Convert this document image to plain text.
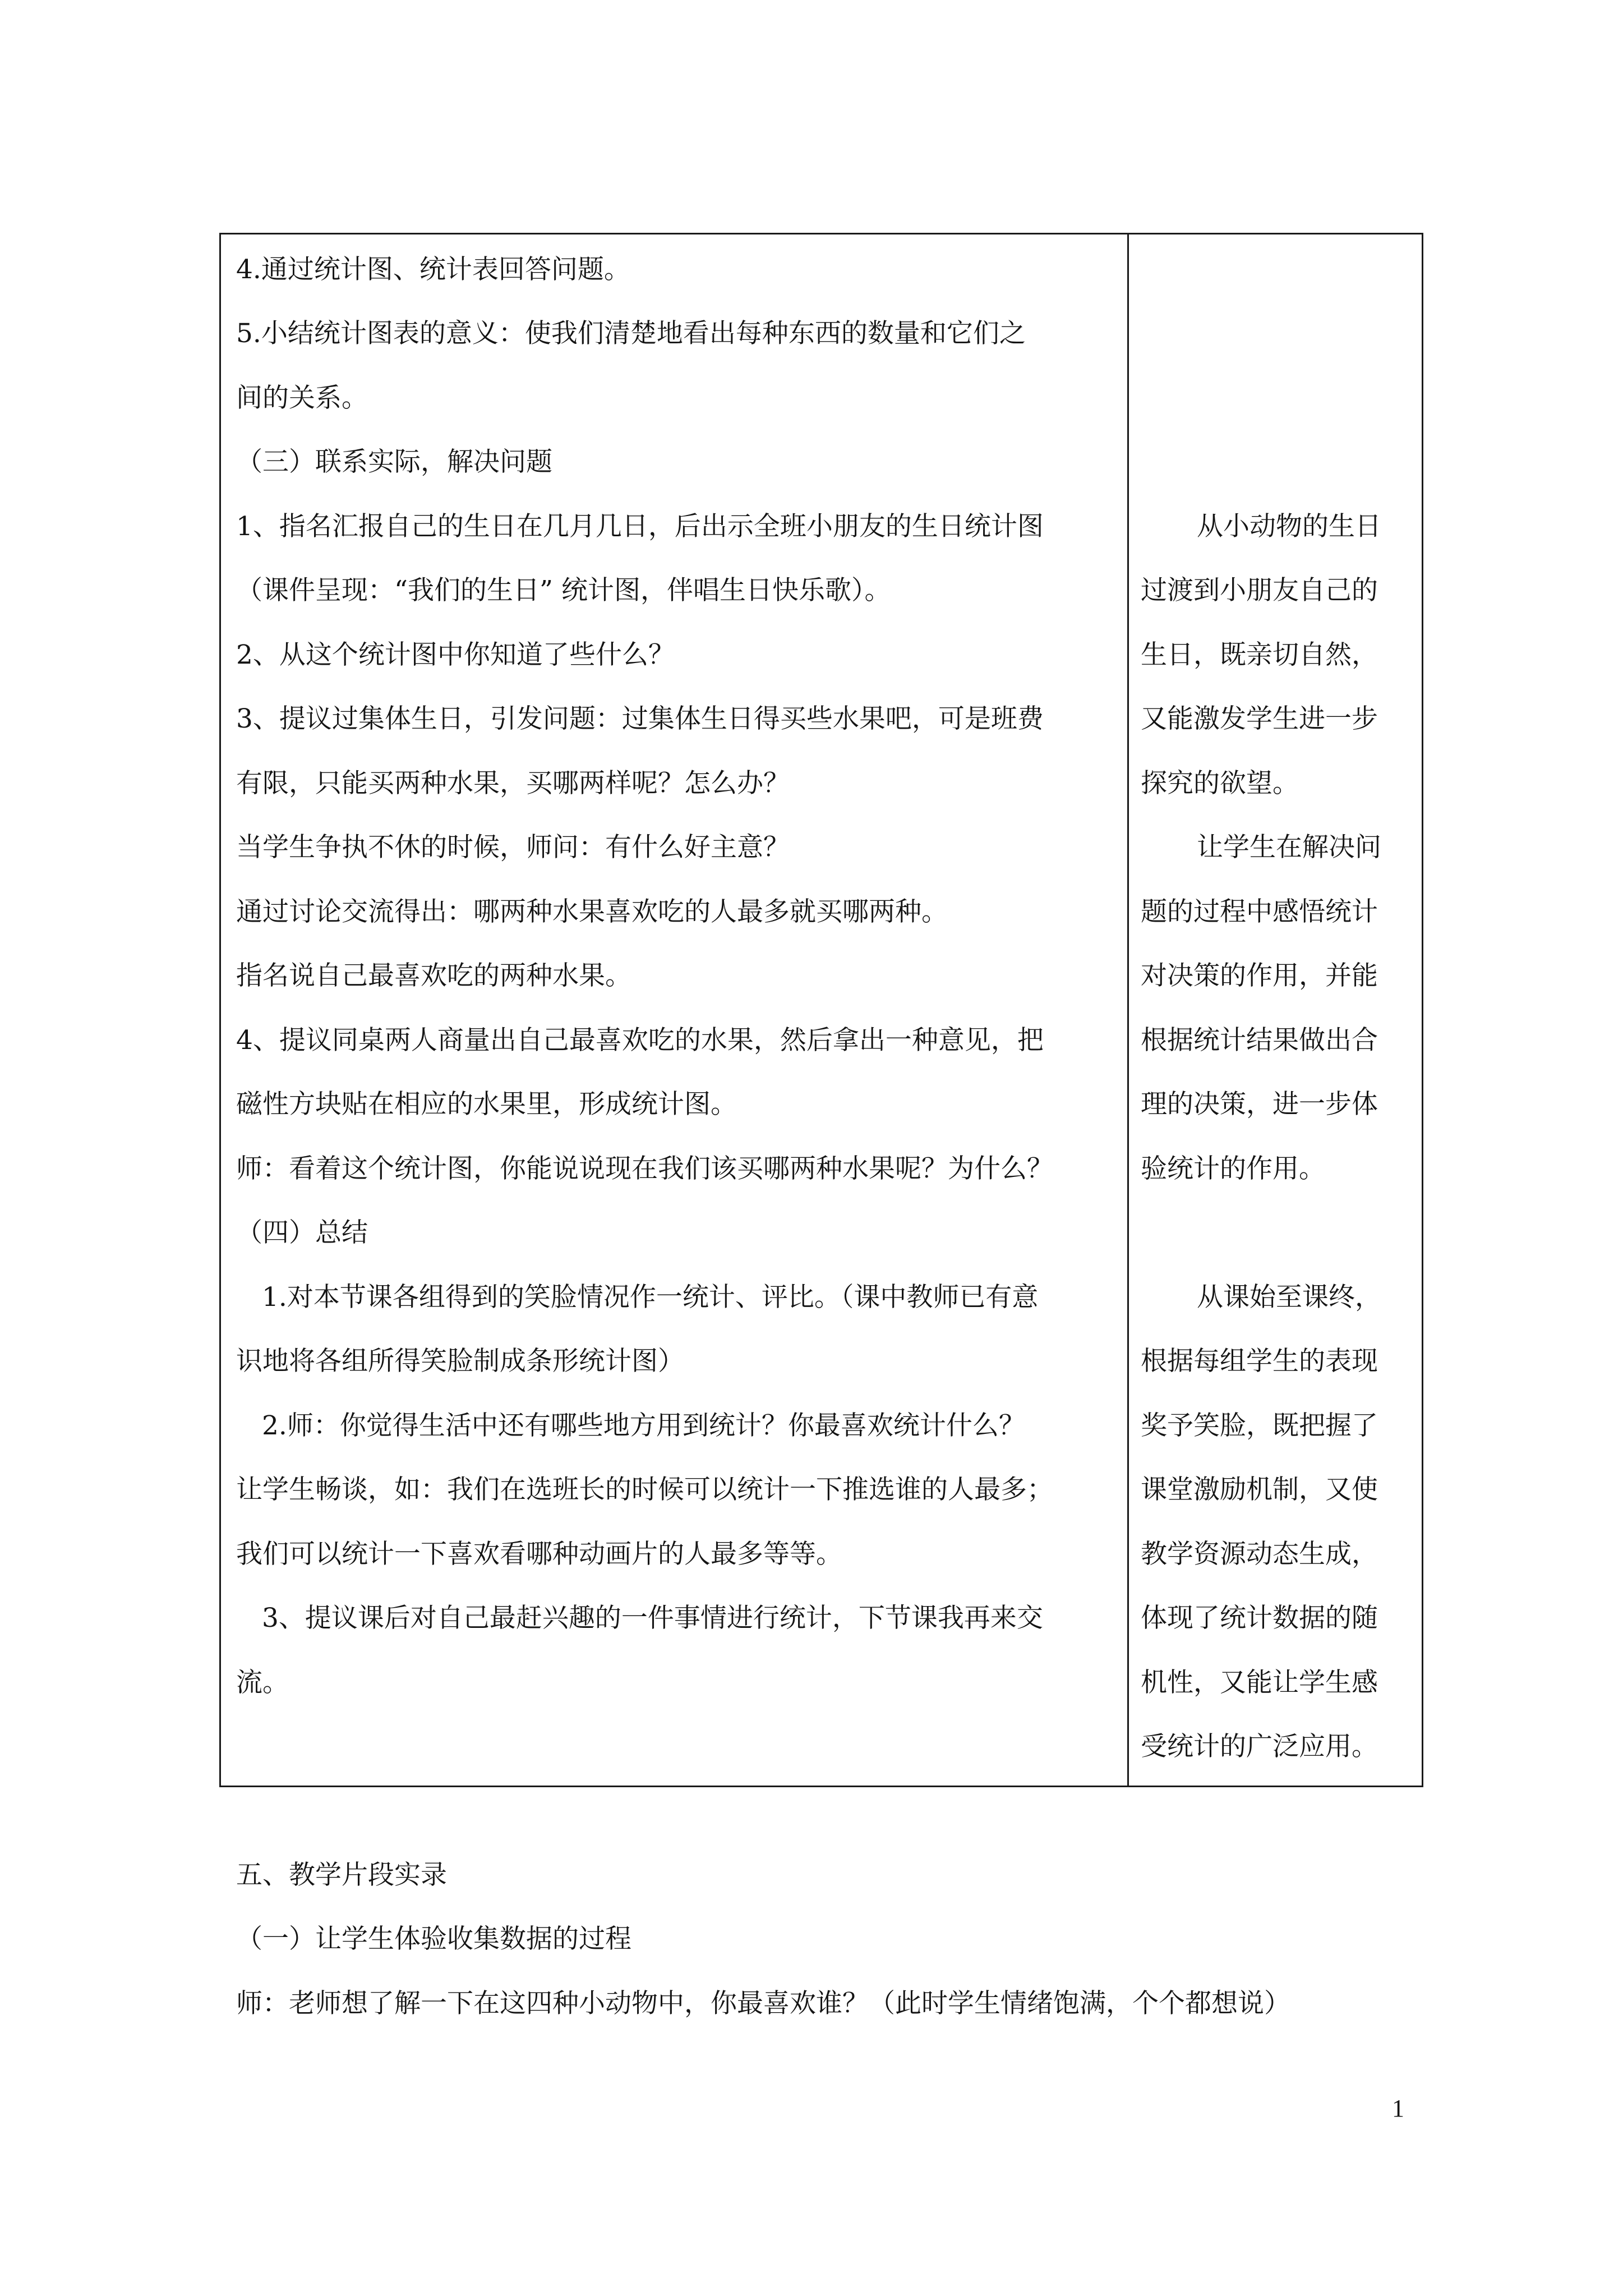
4.通过统计图、统计表回答问题。
5.小结统计图表的意义：使我们清楚地看出每种东西的数量和它们之
间的关系。
（三）联系实际，解决问题
1、指名汇报自己的生日在几月几日，后出示全班小朋友的生日统计图
（课件呈现：“我们的生日” 统计图，伴唱生日快乐歌）。
2、从这个统计图中你知道了些什么？
3、提议过集体生日，引发问题：过集体生日得买些水果吧，可是班费
有限，只能买两种水果，买哪两样呢？怎么办？
当学生争执不休的时候，师问：有什么好主意？
通过讨论交流得出：哪两种水果喜欢吃的人最多就买哪两种。
指名说自己最喜欢吃的两种水果。
4、提议同桌两人商量出自己最喜欢吃的水果，然后拿出一种意见，把
磁性方块贴在相应的水果里，形成统计图。
师：看着这个统计图，你能说说现在我们该买哪两种水果呢？为什么？
（四）总结
1.对本节课各组得到的笑脸情况作一统计、评比。（课中教师已有意
识地将各组所得笑脸制成条形统计图）
2.师：你觉得生活中还有哪些地方用到统计？你最喜欢统计什么？
让学生畅谈，如：我们在选班长的时候可以统计一下推选谁的人最多；
我们可以统计一下喜欢看哪种动画片的人最多等等。
3、提议课后对自己最赶兴趣的一件事情进行统计，下节课我再来交
流。
从小动物的生日
过渡到小朋友自己的
生日，既亲切自然，
又能激发学生进一步
探究的欲望。
让学生在解决问
题的过程中感悟统计
对决策的作用，并能
根据统计结果做出合
理的决策，进一步体
验统计的作用。
从课始至课终，
根据每组学生的表现
奖予笑脸，既把握了
课堂激励机制，又使
教学资源动态生成，
体现了统计数据的随
机性，又能让学生感
受统计的广泛应用。
五、教学片段实录
（一）让学生体验收集数据的过程
师：老师想了解一下在这四种小动物中，你最喜欢谁？（此时学生情绪饱满，个个都想说）
1
